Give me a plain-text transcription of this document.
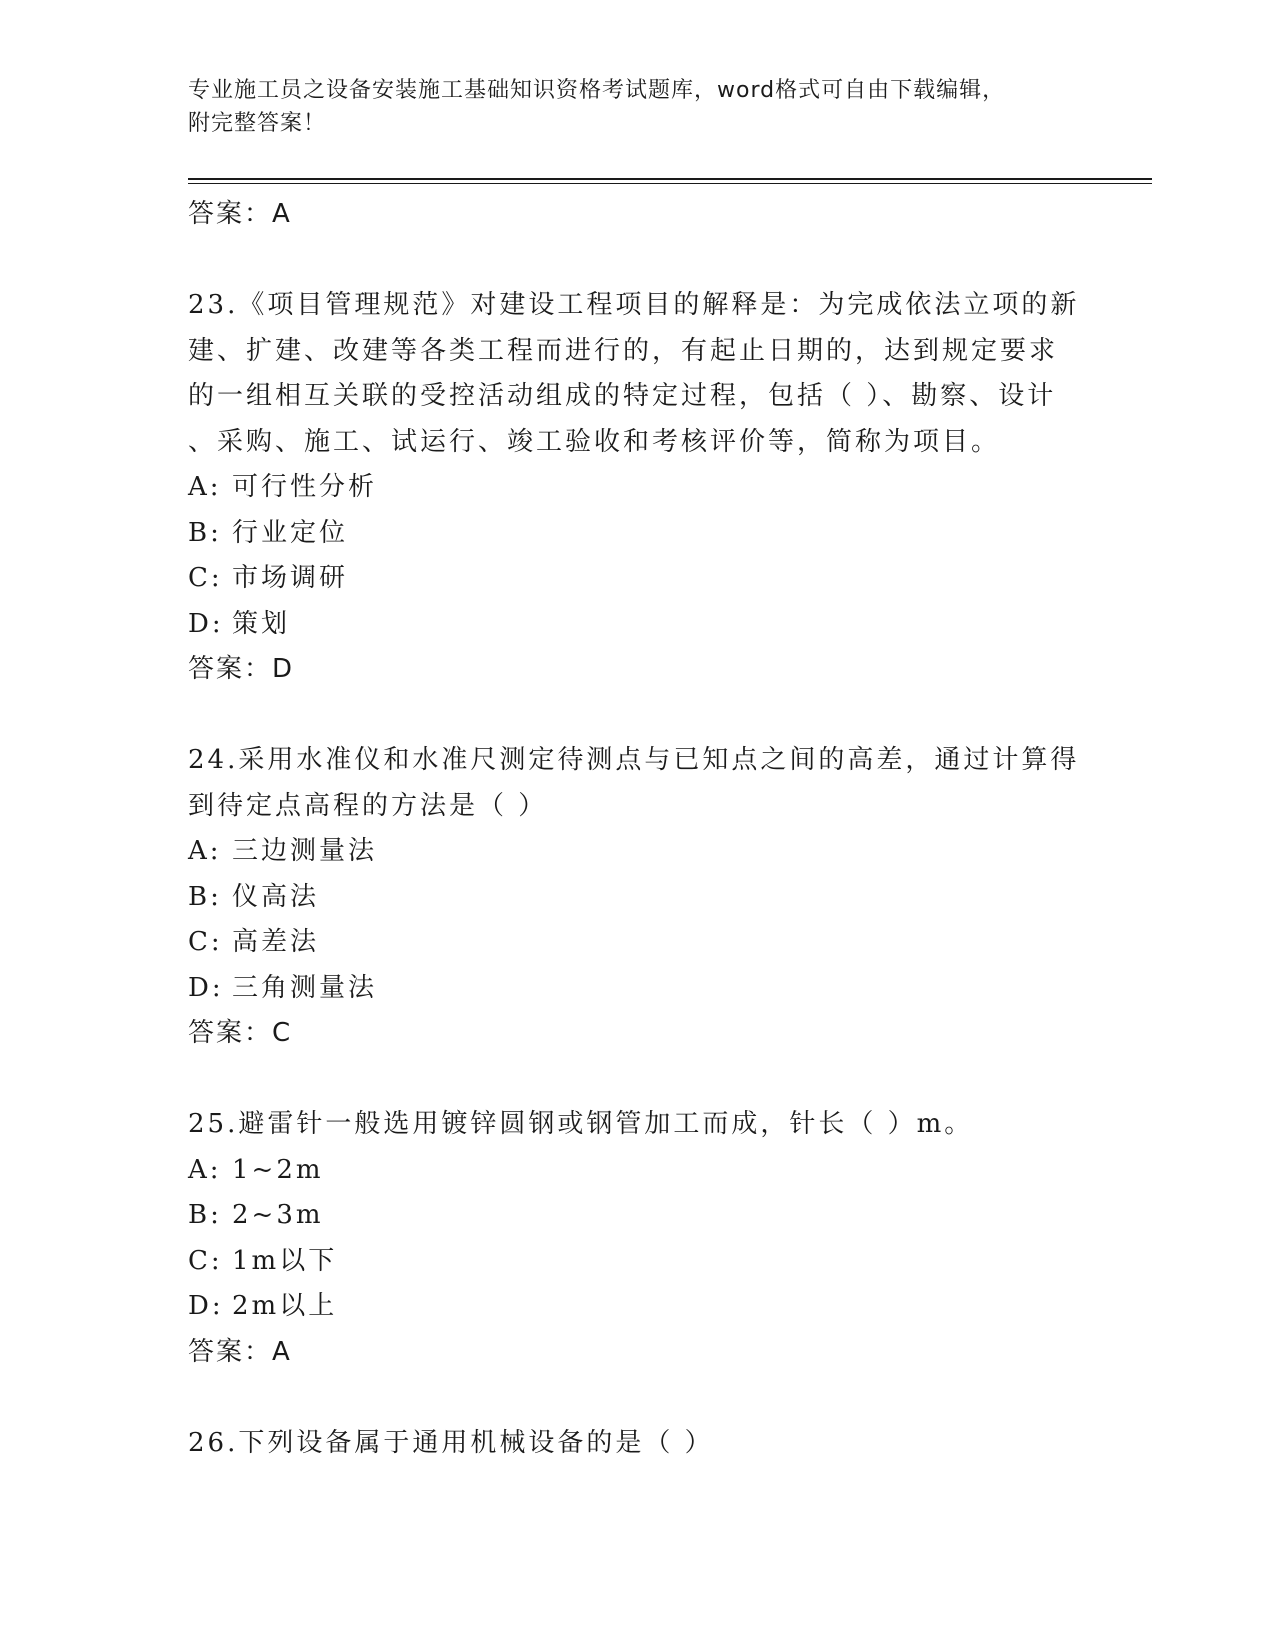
专业施工员之设备安装施工基础知识资格考试题库，word格式可自由下载编辑，
附完整答案！
答案：A
23.《项目管理规范》对建设工程项目的解释是：为完成依法立项的新
建、扩建、改建等各类工程而进行的，有起止日期的，达到规定要求
的一组相互关联的受控活动组成的特定过程，包括（ ）、勘察、设计
、采购、施工、试运行、竣工验收和考核评价等，简称为项目。
A: 可行性分析
B: 行业定位
C: 市场调研
D: 策划
答案：D
24.采用水准仪和水准尺测定待测点与已知点之间的高差，通过计算得
到待定点高程的方法是（ ）
A: 三边测量法
B: 仪高法
C: 高差法
D: 三角测量法
答案：C
25.避雷针一般选用镀锌圆钢或钢管加工而成，针长（ ）m。
A: 1~2m
B: 2~3m
C: 1m以下
D: 2m以上
答案：A
26.下列设备属于通用机械设备的是（ ）
